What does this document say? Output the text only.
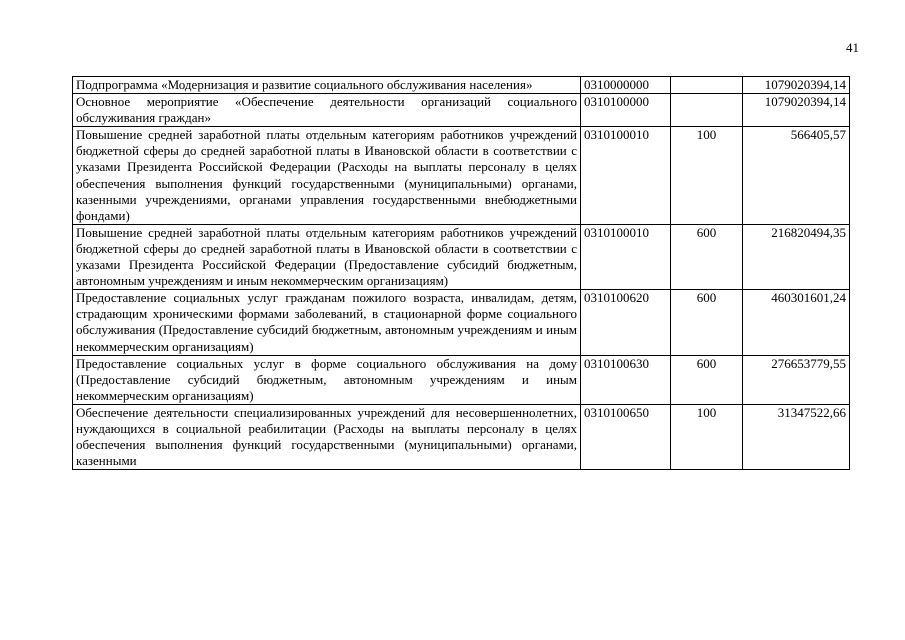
41
Подпрограмма «Модернизация и развитие социального обслуживания населения»	0310000000		1079020394,14
Основное мероприятие «Обеспечение деятельности организаций социального обслуживания граждан»	0310100000		1079020394,14
Повышение средней заработной платы отдельным категориям работников учреждений бюджетной сферы до средней заработной платы в Ивановской области в соответствии с указами Президента Российской Федерации (Расходы на выплаты персоналу в целях обеспечения выполнения функций государственными (муниципальными) органами, казенными учреждениями, органами управления государственными внебюджетными фондами)	0310100010	100	566405,57
Повышение средней заработной платы отдельным категориям работников учреждений бюджетной сферы до средней заработной платы в Ивановской области в соответствии с указами Президента Российской Федерации (Предоставление субсидий бюджетным, автономным учреждениям и иным некоммерческим организациям)	0310100010	600	216820494,35
Предоставление социальных услуг гражданам пожилого возраста, инвалидам, детям, страдающим хроническими формами заболеваний, в стационарной форме социального обслуживания (Предоставление субсидий бюджетным, автономным учреждениям и иным некоммерческим организациям)	0310100620	600	460301601,24
Предоставление социальных услуг в форме социального обслуживания на дому (Предоставление субсидий бюджетным, автономным учреждениям и иным некоммерческим организациям)	0310100630	600	276653779,55
Обеспечение деятельности специализированных учреждений для несовершеннолетних, нуждающихся в социальной реабилитации (Расходы на выплаты персоналу в целях обеспечения выполнения функций государственными (муниципальными) органами, казенными	0310100650	100	31347522,66
